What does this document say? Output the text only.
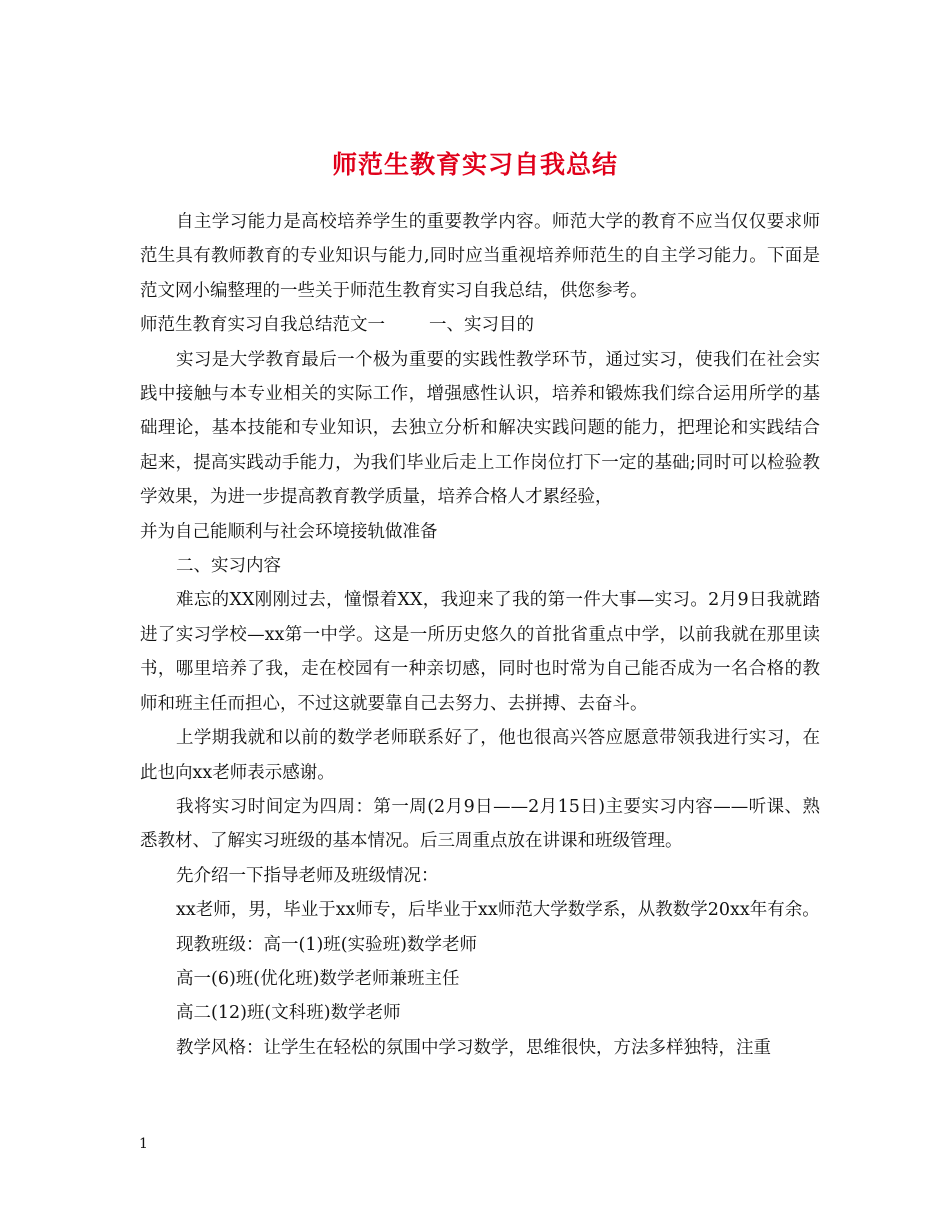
师范生教育实习自我总结

自主学习能力是高校培养学生的重要教学内容。师范大学的教育不应当仅仅要求师范生具有教师教育的专业知识与能力,同时应当重视培养师范生的自主学习能力。下面是范文网小编整理的一些关于师范生教育实习自我总结，供您参考。

师范生教育实习自我总结范文一	一、实习目的

实习是大学教育最后一个极为重要的实践性教学环节，通过实习，使我们在社会实践中接触与本专业相关的实际工作，增强感性认识，培养和锻炼我们综合运用所学的基础理论，基本技能和专业知识，去独立分析和解决实践问题的能力，把理论和实践结合起来，提高实践动手能力，为我们毕业后走上工作岗位打下一定的基础;同时可以检验教学效果，为进一步提高教育教学质量，培养合格人才累经验，

并为自己能顺利与社会环境接轨做准备

二、实习内容

难忘的XX刚刚过去，憧憬着XX，我迎来了我的第一件大事—实习。2月9日我就踏进了实习学校—xx第一中学。这是一所历史悠久的首批省重点中学，以前我就在那里读书，哪里培养了我，走在校园有一种亲切感，同时也时常为自己能否成为一名合格的教师和班主任而担心，不过这就要靠自己去努力、去拼搏、去奋斗。

上学期我就和以前的数学老师联系好了，他也很高兴答应愿意带领我进行实习，在此也向xx老师表示感谢。

我将实习时间定为四周：第一周(2月9日——2月15日)主要实习内容——听课、熟悉教材、了解实习班级的基本情况。后三周重点放在讲课和班级管理。

先介绍一下指导老师及班级情况：

xx老师，男，毕业于xx师专，后毕业于xx师范大学数学系，从教数学20xx年有余。

现教班级：高一(1)班(实验班)数学老师

高一(6)班(优化班)数学老师兼班主任

高二(12)班(文科班)数学老师

教学风格：让学生在轻松的氛围中学习数学，思维很快，方法多样独特，注重

1
